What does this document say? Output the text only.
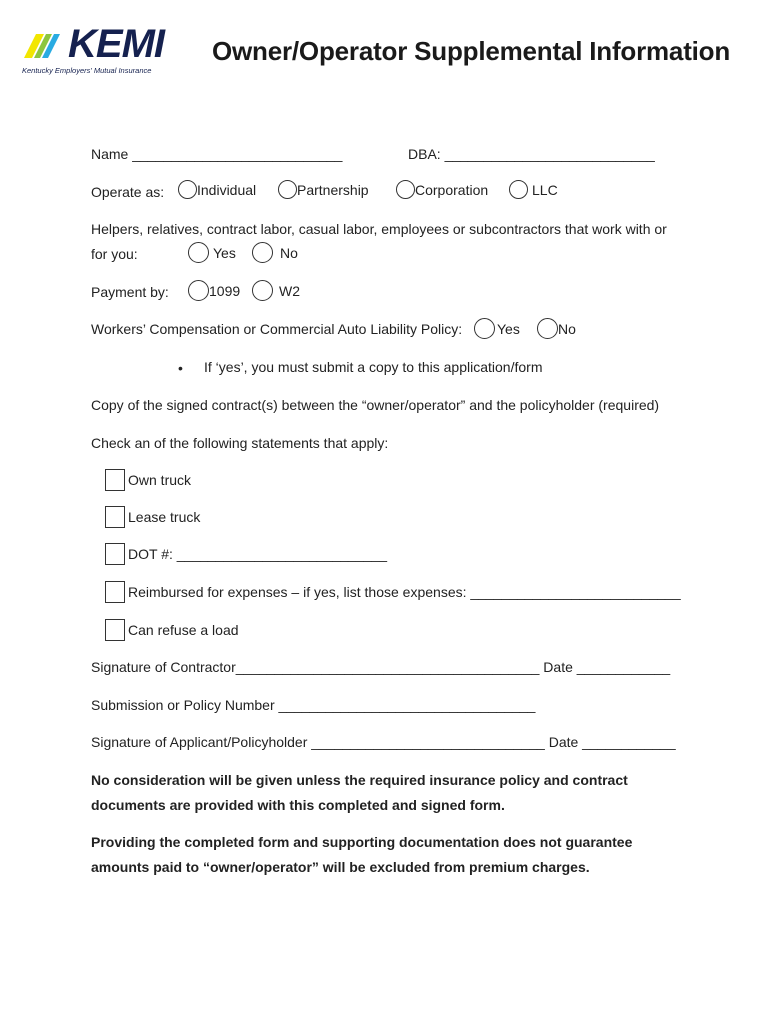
KEMI
Kentucky Employers' Mutual Insurance
Owner/Operator Supplemental Information
Name ___________________________	DBA: ___________________________
Operate as: Individual	Partnership	Corporation	LLC
Helpers, relatives, contract labor, casual labor, employees or subcontractors that work with or
for you:	Yes	No
Payment by:	1099	W2
Workers’ Compensation or Commercial Auto Liability Policy: Yes	No
• If ‘yes’, you must submit a copy to this application/form
Copy of the signed contract(s) between the “owner/operator” and the policyholder (required)
Check an of the following statements that apply:
Own truck
Lease truck
DOT #: ___________________________
Reimbursed for expenses – if yes, list those expenses: ___________________________
Can refuse a load
Signature of Contractor_______________________________________ Date ____________
Submission or Policy Number _________________________________
Signature of Applicant/Policyholder ______________________________ Date ____________
No consideration will be given unless the required insurance policy and contract
documents are provided with this completed and signed form.
Providing the completed form and supporting documentation does not guarantee
amounts paid to “owner/operator” will be excluded from premium charges.
